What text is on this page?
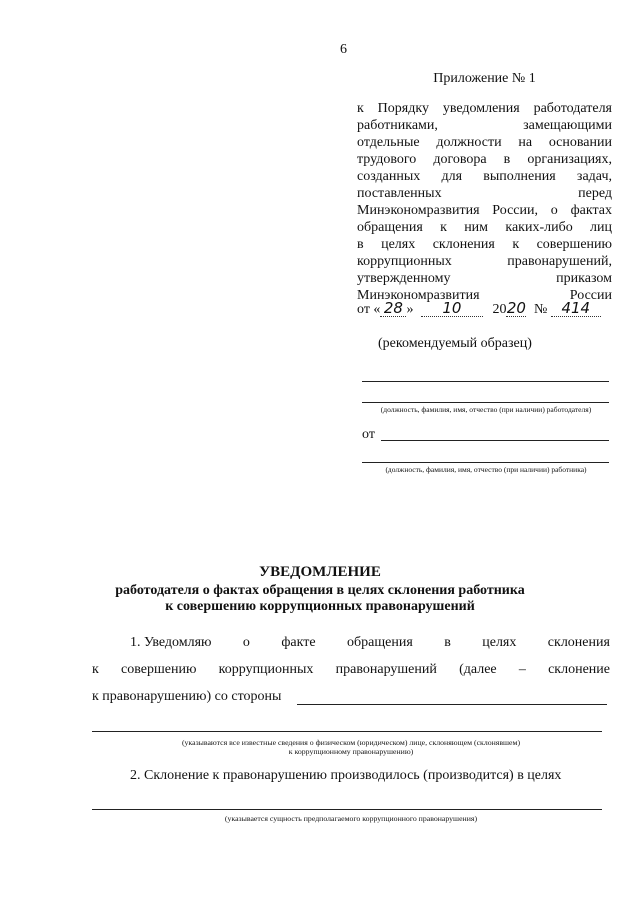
6
Приложение № 1
к Порядку уведомления работодателя
работниками, замещающими
отдельные должности на основании
трудового договора в организациях,
созданных для выполнения задач,
поставленных перед
Минэкономразвития России, о фактах
обращения к ним каких-либо лиц
в целях склонения к совершению
коррупционных правонарушений,
утвержденному приказом
Минэкономразвития России
от « 28 » 10 2020 № 414
(рекомендуемый образец)
(должность, фамилия, имя, отчество (при наличии) работодателя)
от
(должность, фамилия, имя, отчество (при наличии) работника)
УВЕДОМЛЕНИЕ
работодателя о фактах обращения в целях склонения работника
к совершению коррупционных правонарушений
1. Уведомляю о факте обращения в целях склонения
к совершению коррупционных правонарушений (далее – склонение
к правонарушению) со стороны
(указываются все известные сведения о физическом (юридическом) лице, склоняющем (склонявшем)
к коррупционному правонарушению)
2. Склонение к правонарушению производилось (производится) в целях
(указывается сущность предполагаемого коррупционного правонарушения)
